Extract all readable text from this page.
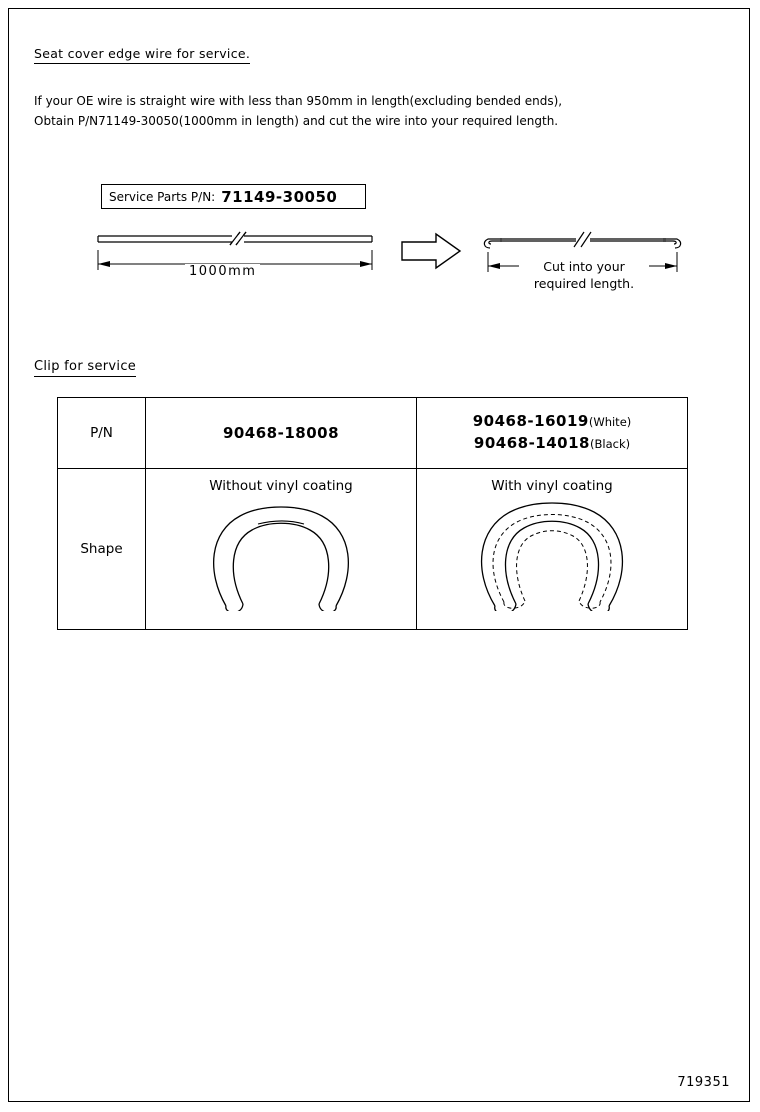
Seat cover edge wire for service.
If your OE wire is straight wire with less than 950mm in length(excluding bended ends),
Obtain P/N71149-30050(1000mm in length) and cut the wire into your required length.
Service Parts P/N: 71149-30050
1000mm	Cut into your
required length.
Clip for service
P/N	90468-18008	90468-16019(White)
90468-14018(Black)

Shape	Without vinyl coating	With vinyl coating
719351
